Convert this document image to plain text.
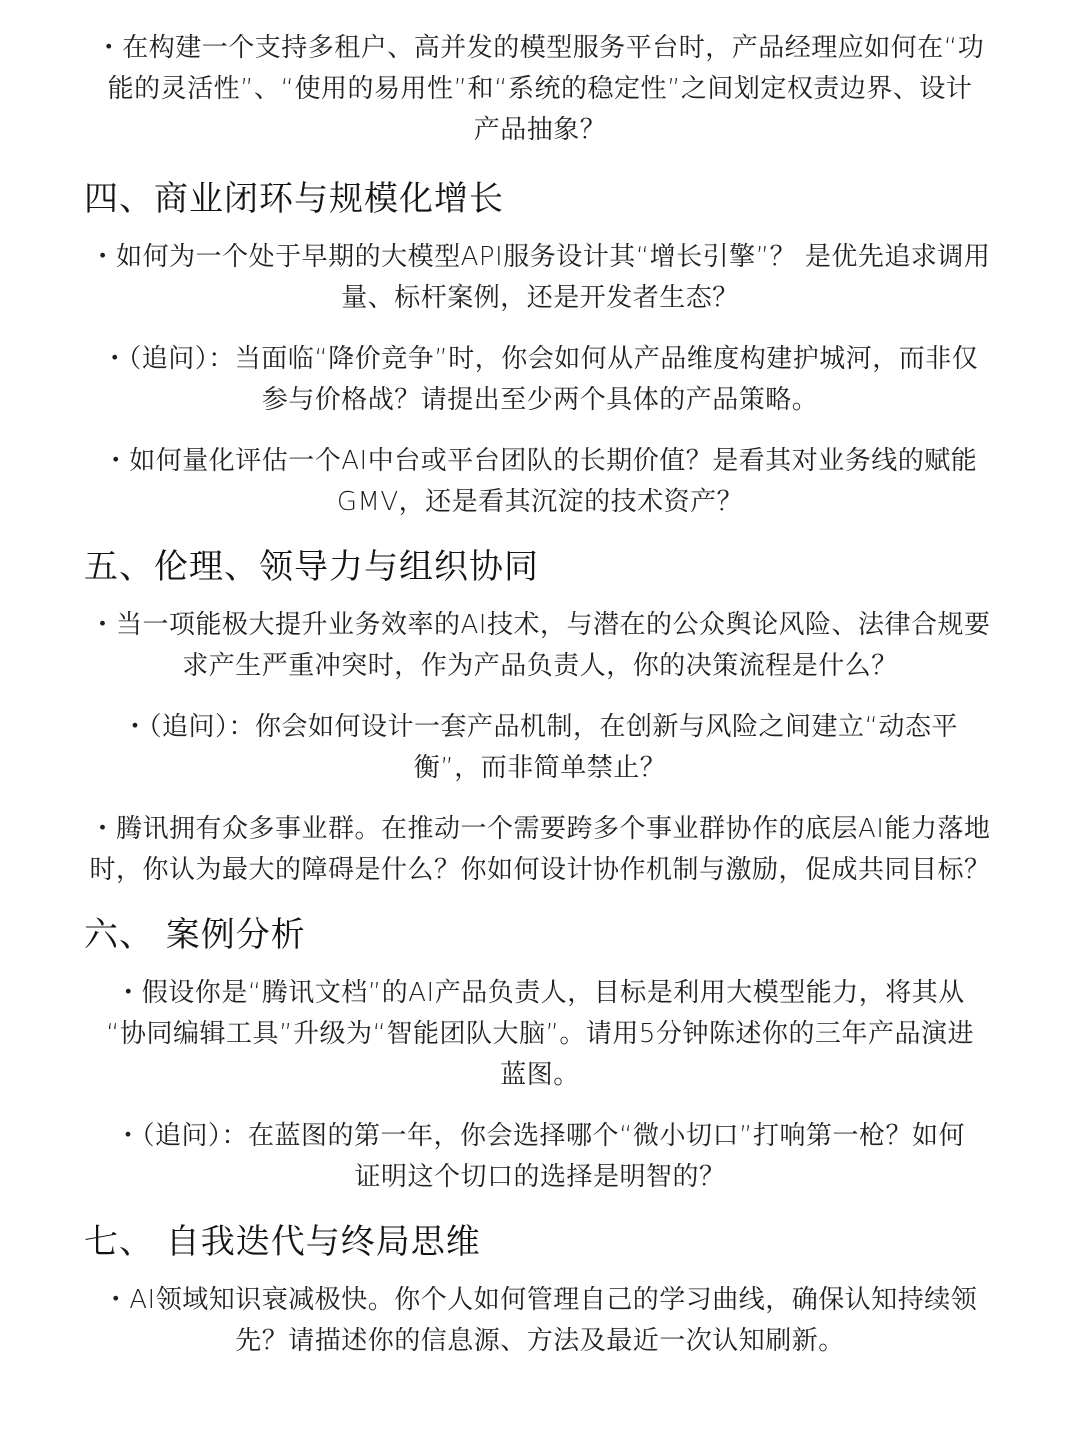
・在构建一个支持多租户、高并发的模型服务平台时，产品经理应如何在“功
能的灵活性”、“使用的易用性”和“系统的稳定性”之间划定权责边界、设计
产品抽象？

四、商业闭环与规模化增长

・如何为一个处于早期的大模型API服务设计其“增长引擎”？ 是优先追求调用
量、标杆案例，还是开发者生态？

・（追问）：当面临“降价竞争”时，你会如何从产品维度构建护城河，而非仅
参与价格战？请提出至少两个具体的产品策略。

・如何量化评估一个AI中台或平台团队的长期价值？是看其对业务线的赋能
GMV，还是看其沉淀的技术资产？

五、伦理、领导力与组织协同

・当一项能极大提升业务效率的AI技术，与潜在的公众舆论风险、法律合规要
求产生严重冲突时，作为产品负责人，你的决策流程是什么？

・（追问）：你会如何设计一套产品机制，在创新与风险之间建立“动态平
衡”，而非简单禁止？

・腾讯拥有众多事业群。在推动一个需要跨多个事业群协作的底层AI能力落地
时，你认为最大的障碍是什么？你如何设计协作机制与激励，促成共同目标？

六、 案例分析

・假设你是“腾讯文档”的AI产品负责人，目标是利用大模型能力，将其从
“协同编辑工具”升级为“智能团队大脑”。请用5分钟陈述你的三年产品演进
蓝图。

・（追问）：在蓝图的第一年，你会选择哪个“微小切口”打响第一枪？如何
证明这个切口的选择是明智的？

七、 自我迭代与终局思维

・AI领域知识衰减极快。你个人如何管理自己的学习曲线，确保认知持续领
先？请描述你的信息源、方法及最近一次认知刷新。
